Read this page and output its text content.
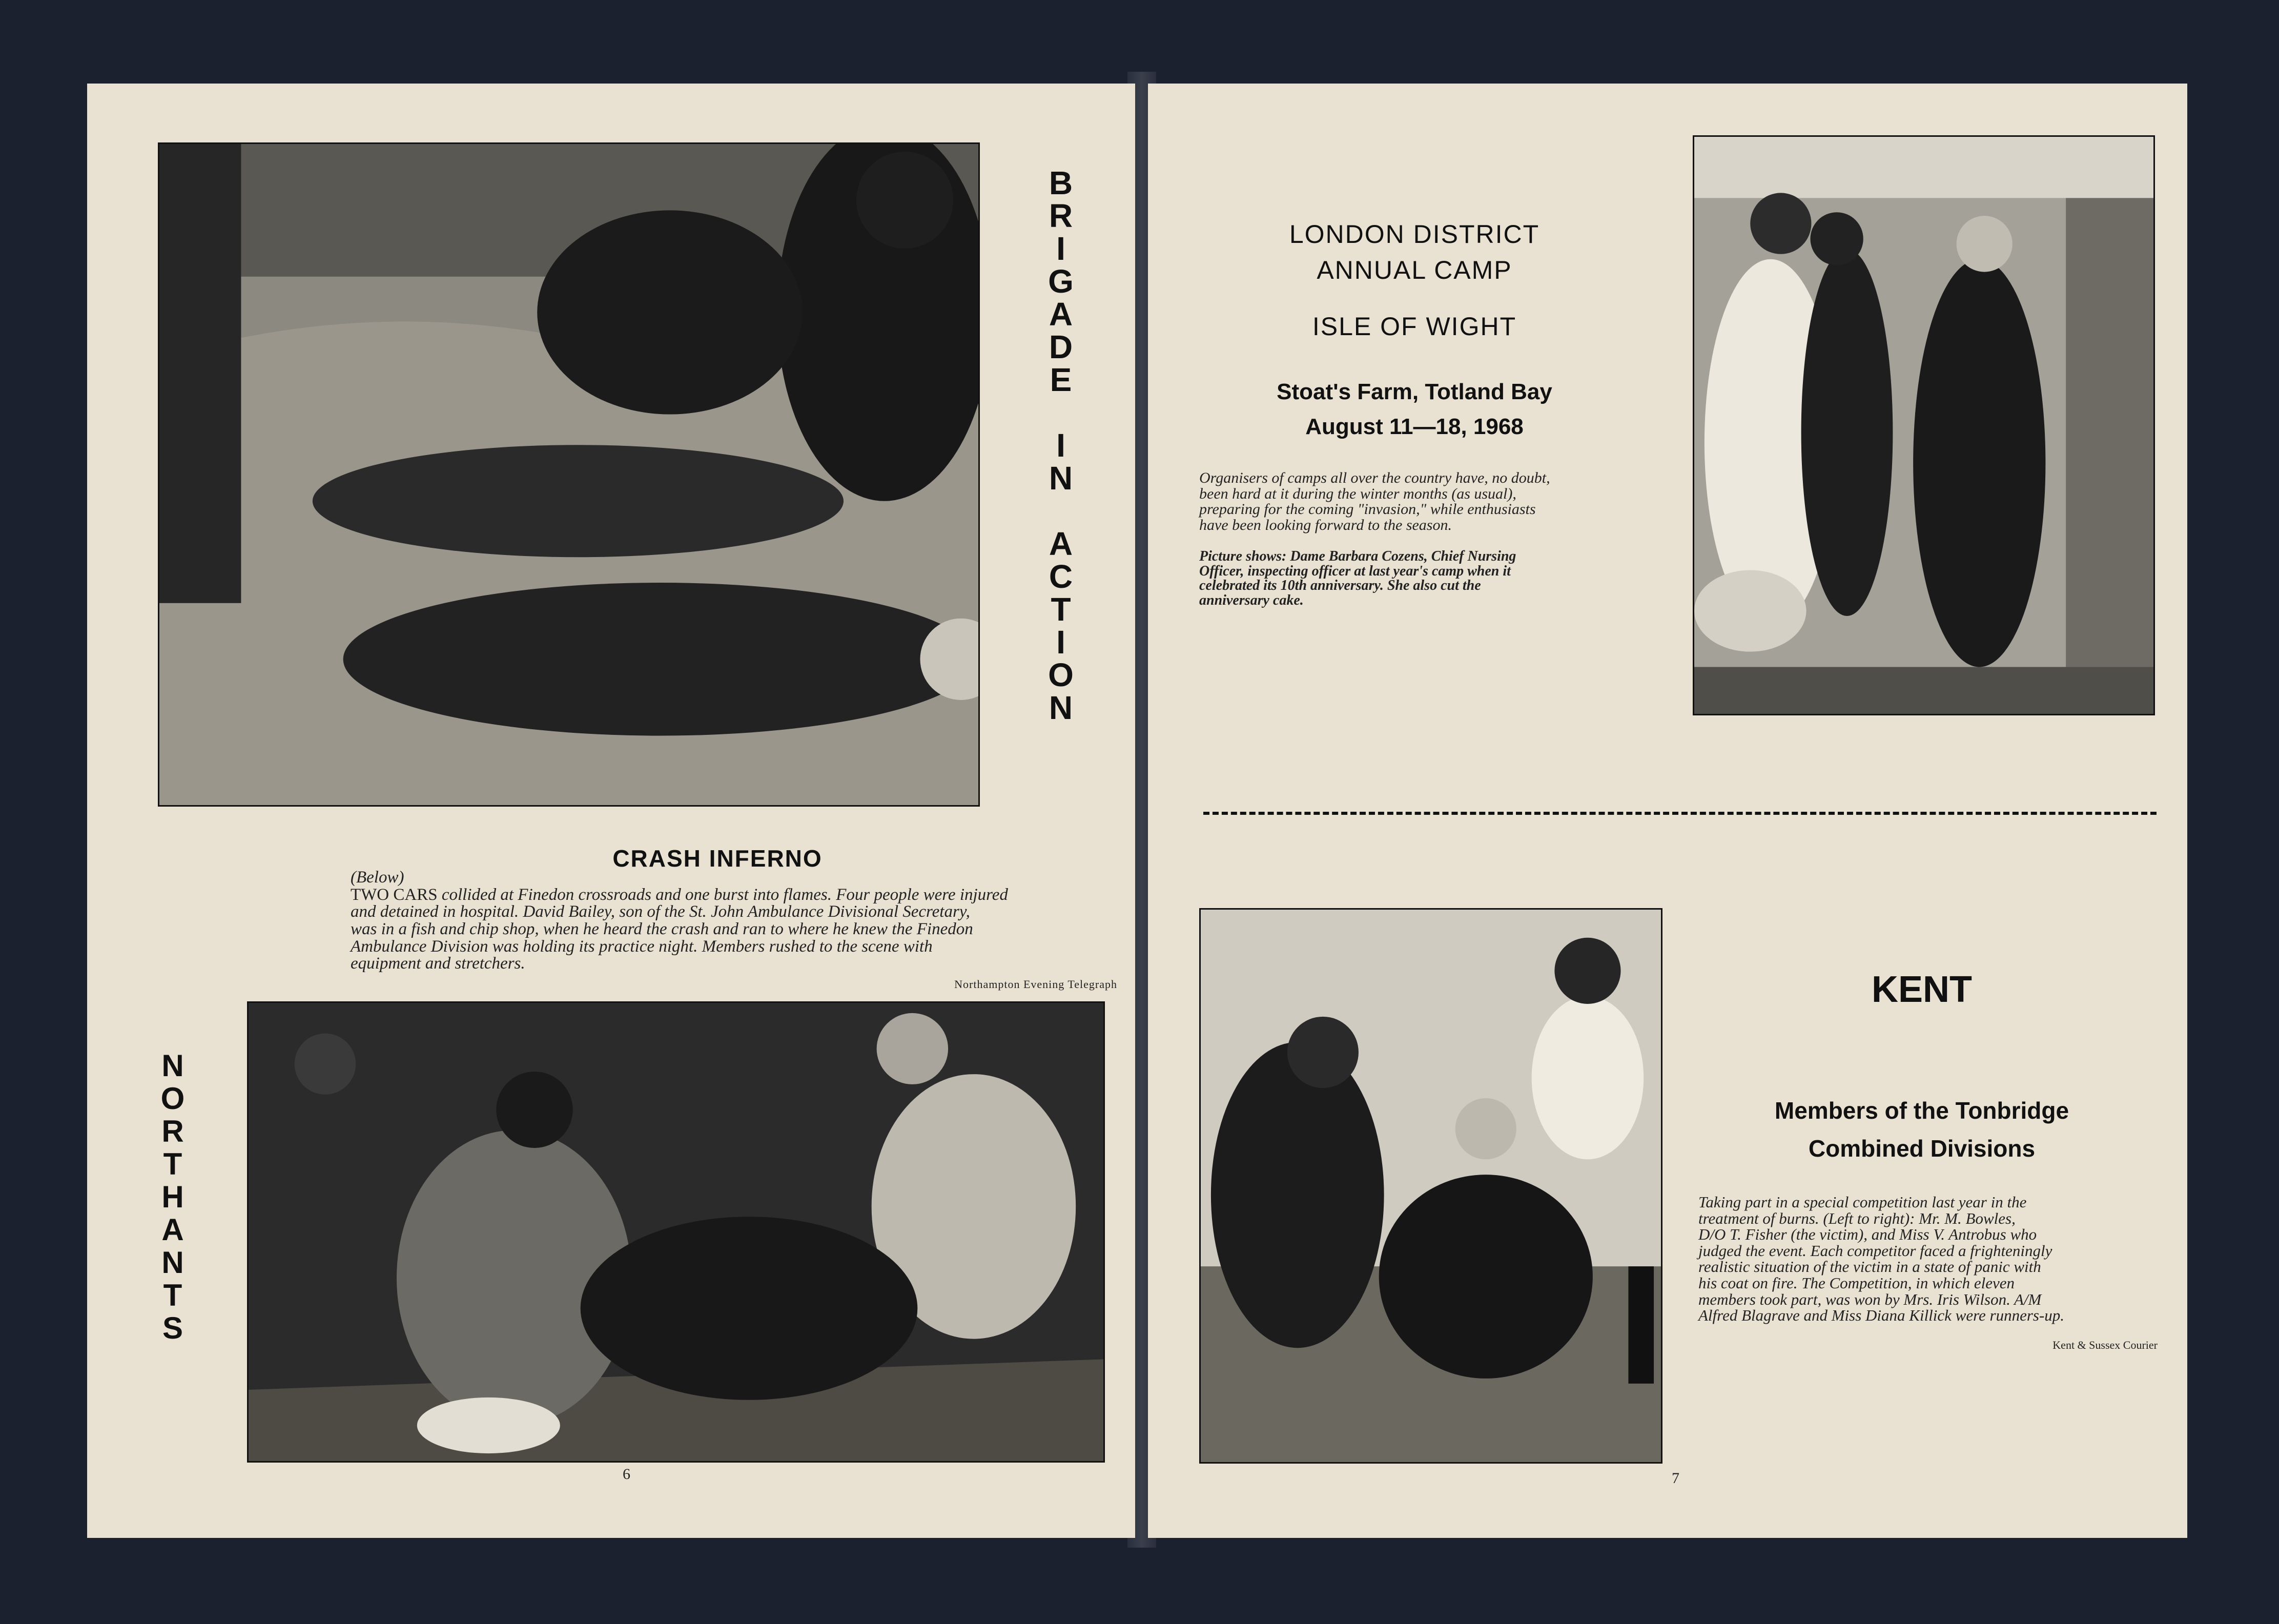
B
R
I
G
A
D
E
I
N
A
C
T
I
O
N
CRASH INFERNO
(Below)
TWO CARS collided at Finedon crossroads and one burst into flames. Four people were injured
and detained in hospital. David Bailey, son of the St. John Ambulance Divisional Secretary,
was in a fish and chip shop, when he heard the crash and ran to where he knew the Finedon
Ambulance Division was holding its practice night. Members rushed to the scene with
equipment and stretchers.
Northampton Evening Telegraph
N
O
R
T
H
A
N
T
S
6
LONDON DISTRICT
ANNUAL CAMP
ISLE OF WIGHT
Stoat's Farm, Totland Bay
August 11—18, 1968
Organisers of camps all over the country have, no doubt,
been hard at it during the winter months (as usual),
preparing for the coming "invasion," while enthusiasts
have been looking forward to the season.
Picture shows: Dame Barbara Cozens, Chief Nursing
Officer, inspecting officer at last year's camp when it
celebrated its 10th anniversary. She also cut the
anniversary cake.
KENT
Members of the Tonbridge
Combined Divisions
Taking part in a special competition last year in the
treatment of burns. (Left to right): Mr. M. Bowles,
D/O T. Fisher (the victim), and Miss V. Antrobus who
judged the event. Each competitor faced a frighteningly
realistic situation of the victim in a state of panic with
his coat on fire. The Competition, in which eleven
members took part, was won by Mrs. Iris Wilson. A/M
Alfred Blagrave and Miss Diana Killick were runners-up.
Kent & Sussex Courier
7
